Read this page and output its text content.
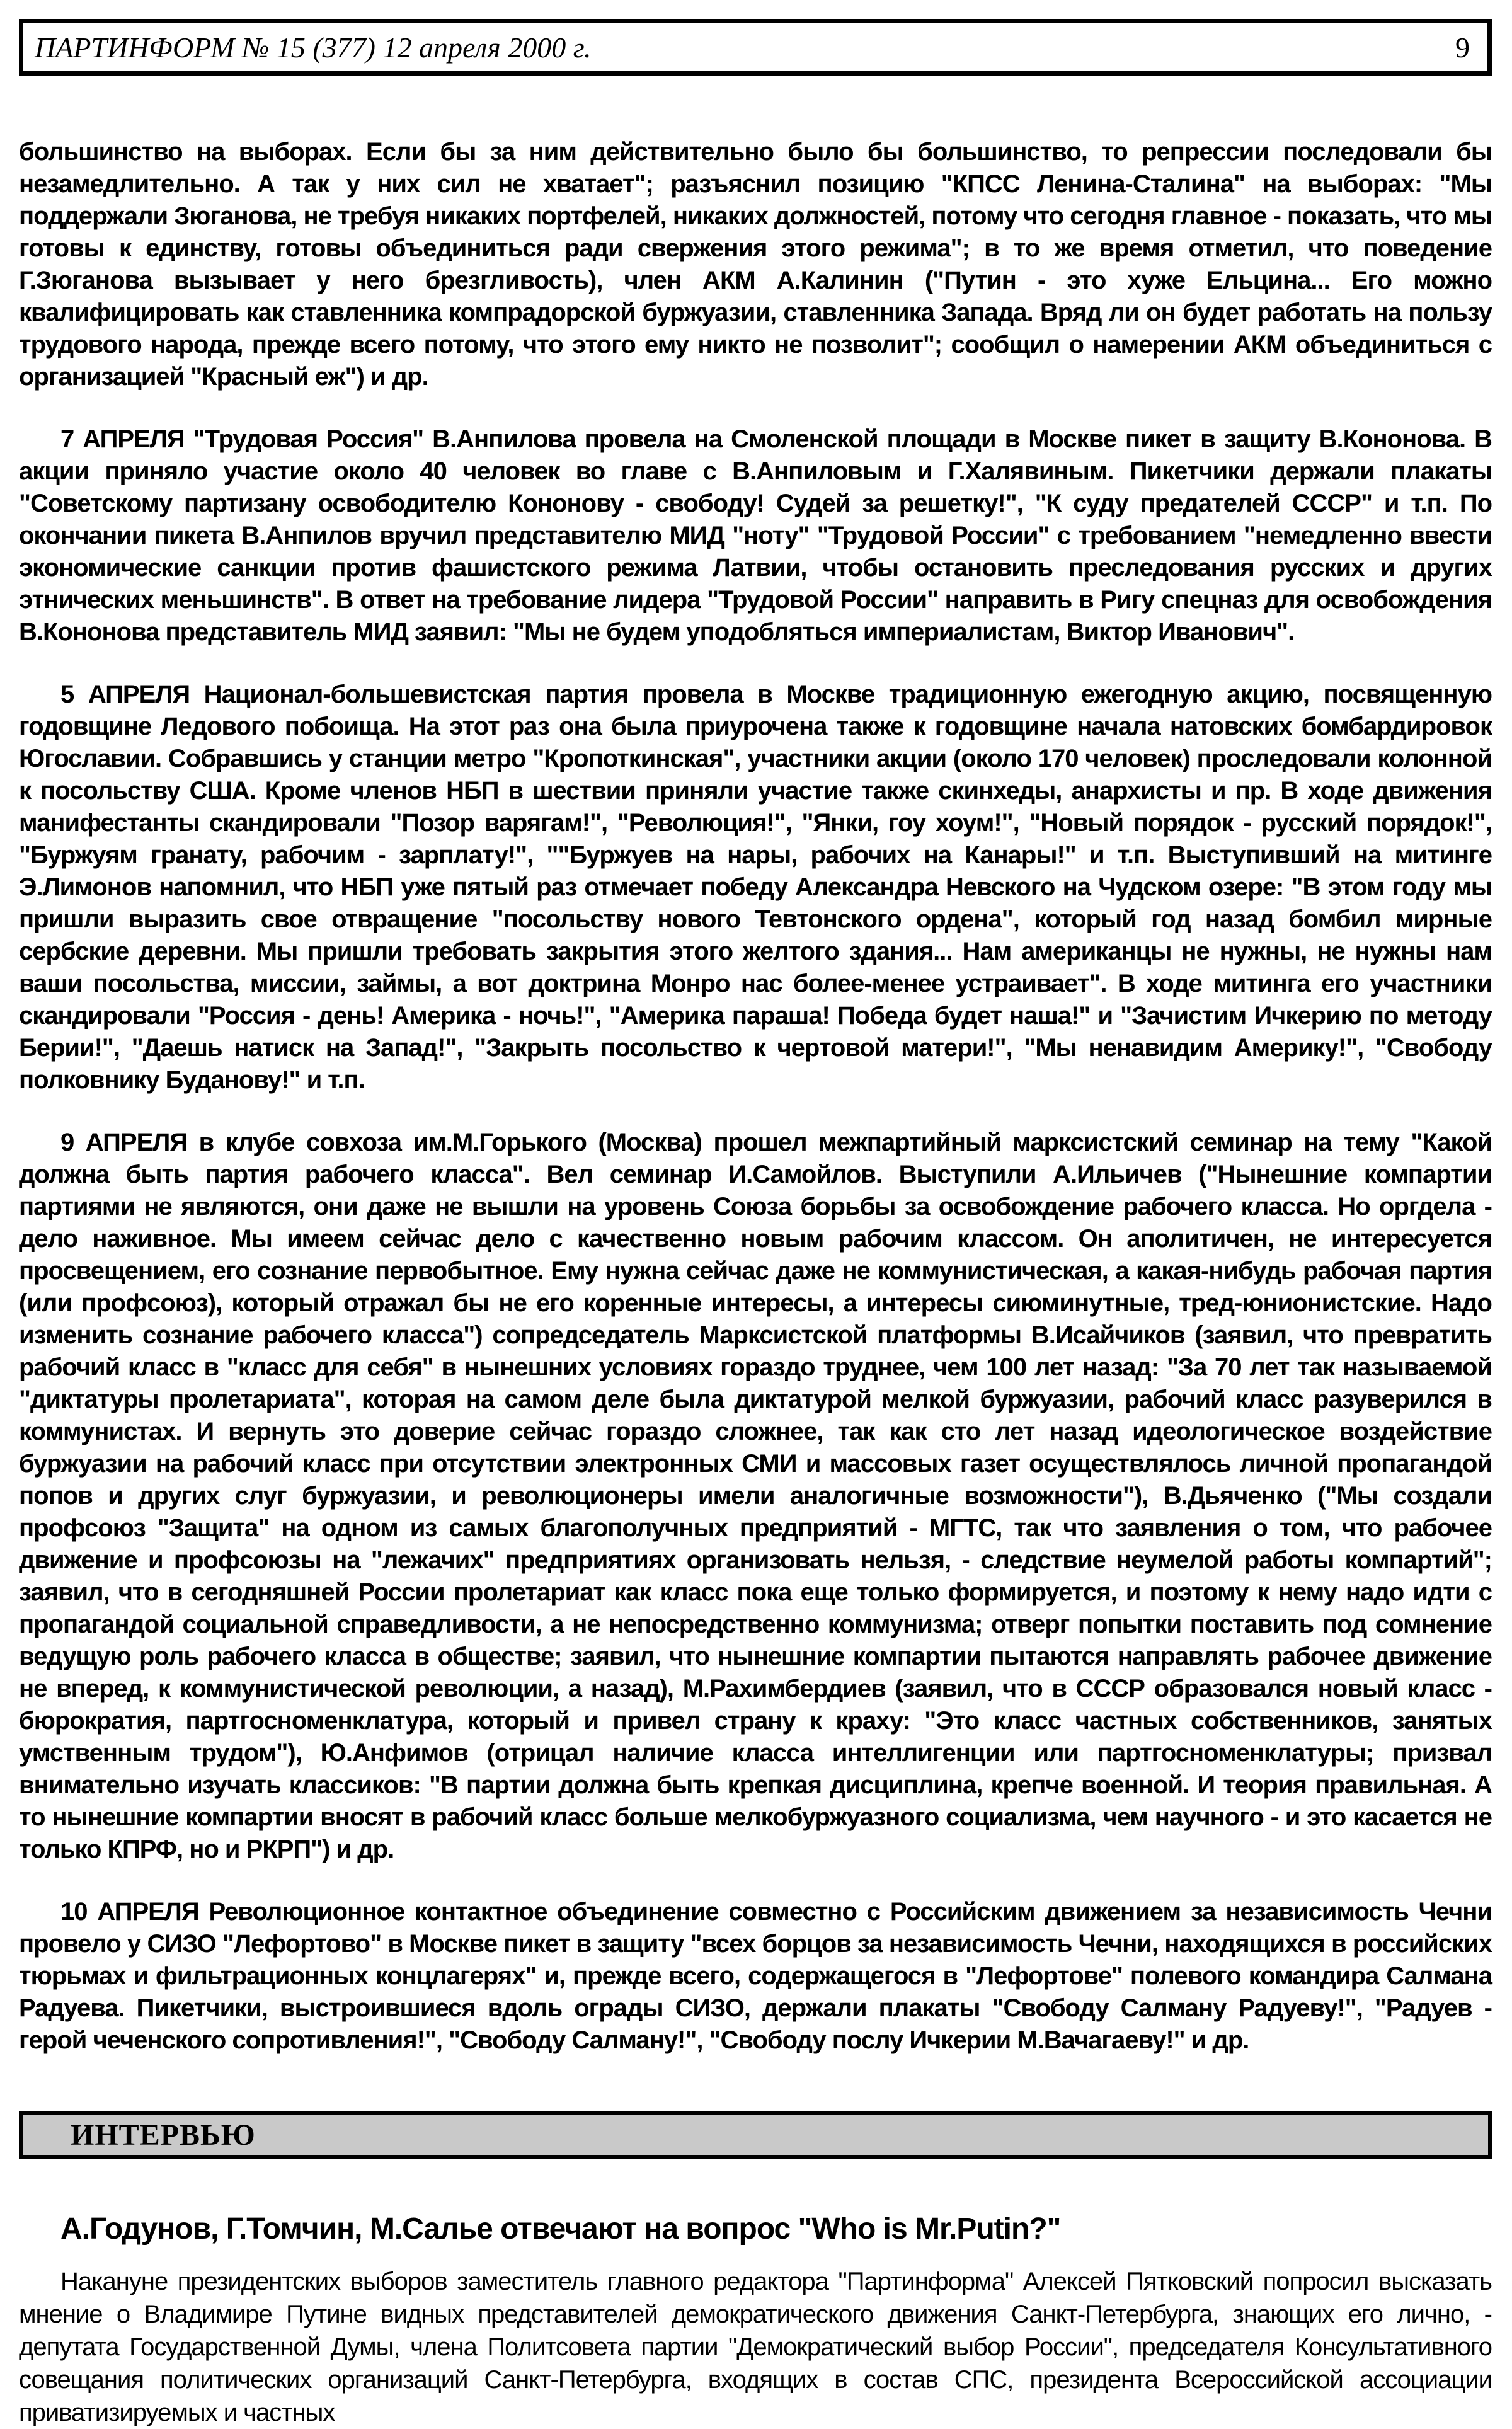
ПАРТИНФОРМ № 15 (377) 12 апреля 2000 г.	9

большинство на выборах. Если бы за ним действительно было бы большинство, то репрессии последовали бы незамедлительно. А так у них сил не хватает"; разъяснил позицию "КПСС Ленина-Сталина" на выборах: "Мы поддержали Зюганова, не требуя никаких портфелей, никаких должностей, потому что сегодня главное - показать, что мы готовы к единству, готовы объединиться ради свержения этого режима"; в то же время отметил, что поведение Г.Зюганова вызывает у него брезгливость), член АКМ А.Калинин ("Путин - это хуже Ельцина... Его можно квалифицировать как ставленника компрадорской буржуазии, ставленника Запада. Вряд ли он будет работать на пользу трудового народа, прежде всего потому, что этого ему никто не позволит"; сообщил о намерении АКМ объединиться с организацией "Красный еж") и др.

7 АПРЕЛЯ "Трудовая Россия" В.Анпилова провела на Смоленской площади в Москве пикет в защиту В.Кононова. В акции приняло участие около 40 человек во главе с В.Анпиловым и Г.Халявиным. Пикетчики держали плакаты "Советскому партизану освободителю Кононову - свободу! Судей за решетку!", "К суду предателей СССР" и т.п. По окончании пикета В.Анпилов вручил представителю МИД "ноту" "Трудовой России" с требованием "немедленно ввести экономические санкции против фашистского режима Латвии, чтобы остановить преследования русских и других этнических меньшинств". В ответ на требование лидера "Трудовой России" направить в Ригу спецназ для освобождения В.Кононова представитель МИД заявил: "Мы не будем уподобляться империалистам, Виктор Иванович".

5 АПРЕЛЯ Национал-большевистская партия провела в Москве традиционную ежегодную акцию, посвященную годовщине Ледового побоища. На этот раз она была приурочена также к годовщине начала натовских бомбардировок Югославии. Собравшись у станции метро "Кропоткинская", участники акции (около 170 человек) проследовали колонной к посольству США. Кроме членов НБП в шествии приняли участие также скинхеды, анархисты и пр. В ходе движения манифестанты скандировали "Позор варягам!", "Революция!", "Янки, гоу хоум!", "Новый порядок - русский порядок!", "Буржуям гранату, рабочим - зарплату!", ""Буржуев на нары, рабочих на Канары!" и т.п. Выступивший на митинге Э.Лимонов напомнил, что НБП уже пятый раз отмечает победу Александра Невского на Чудском озере: "В этом году мы пришли выразить свое отвращение "посольству нового Тевтонского ордена", который год назад бомбил мирные сербские деревни. Мы пришли требовать закрытия этого желтого здания... Нам американцы не нужны, не нужны нам ваши посольства, миссии, займы, а вот доктрина Монро нас более-менее устраивает". В ходе митинга его участники скандировали "Россия - день! Америка - ночь!", "Америка параша! Победа будет наша!" и "Зачистим Ичкерию по методу Берии!", "Даешь натиск на Запад!", "Закрыть посольство к чертовой матери!", "Мы ненавидим Америку!", "Свободу полковнику Буданову!" и т.п.

9 АПРЕЛЯ в клубе совхоза им.М.Горького (Москва) прошел межпартийный марксистский семинар на тему "Какой должна быть партия рабочего класса". Вел семинар И.Самойлов. Выступили А.Ильичев ("Нынешние компартии партиями не являются, они даже не вышли на уровень Союза борьбы за освобождение рабочего класса. Но оргдела - дело наживное. Мы имеем сейчас дело с качественно новым рабочим классом. Он аполитичен, не интересуется просвещением, его сознание первобытное. Ему нужна сейчас даже не коммунистическая, а какая-нибудь рабочая партия (или профсоюз), который отражал бы не его коренные интересы, а интересы сиюминутные, тред-юнионистские. Надо изменить сознание рабочего класса") сопредседатель Марксистской платформы В.Исайчиков (заявил, что превратить рабочий класс в "класс для себя" в нынешних условиях гораздо труднее, чем 100 лет назад: "За 70 лет так называемой "диктатуры пролетариата", которая на самом деле была диктатурой мелкой буржуазии, рабочий класс разуверился в коммунистах. И вернуть это доверие сейчас гораздо сложнее, так как сто лет назад идеологическое воздействие буржуазии на рабочий класс при отсутствии электронных СМИ и массовых газет осуществлялось личной пропагандой попов и других слуг буржуазии, и революционеры имели аналогичные возможности"), В.Дьяченко ("Мы создали профсоюз "Защита" на одном из самых благополучных предприятий - МГТС, так что заявления о том, что рабочее движение и профсоюзы на "лежачих" предприятиях организовать нельзя, - следствие неумелой работы компартий"; заявил, что в сегодняшней России пролетариат как класс пока еще только формируется, и поэтому к нему надо идти с пропагандой социальной справедливости, а не непосредственно коммунизма; отверг попытки поставить под сомнение ведущую роль рабочего класса в обществе; заявил, что нынешние компартии пытаются направлять рабочее движение не вперед, к коммунистической революции, а назад), М.Рахимбердиев (заявил, что в СССР образовался новый класс - бюрократия, партгосноменклатура, который и привел страну к краху: "Это класс частных собственников, занятых умственным трудом"), Ю.Анфимов (отрицал наличие класса интеллигенции или партгосноменклатуры; призвал внимательно изучать классиков: "В партии должна быть крепкая дисциплина, крепче военной. И теория правильная. А то нынешние компартии вносят в рабочий класс больше мелкобуржуазного социализма, чем научного - и это касается не только КПРФ, но и РКРП") и др.

10 АПРЕЛЯ Революционное контактное объединение совместно с Российским движением за независимость Чечни провело у СИЗО "Лефортово" в Москве пикет в защиту "всех борцов за независимость Чечни, находящихся в российских тюрьмах и фильтрационных концлагерях" и, прежде всего, содержащегося в "Лефортове" полевого командира Салмана Радуева. Пикетчики, выстроившиеся вдоль ограды СИЗО, держали плакаты "Свободу Салману Радуеву!", "Радуев - герой чеченского сопротивления!", "Свободу Салману!", "Свободу послу Ичкерии М.Вачагаеву!" и др.

ИНТЕРВЬЮ
А.Годунов, Г.Томчин, М.Салье отвечают на вопрос "Who is Mr.Putin?"

Накануне президентских выборов заместитель главного редактора "Партинформа" Алексей Пятковский попросил высказать мнение о Владимире Путине видных представителей демократического движения Санкт-Петербурга, знающих его лично, - депутата Государственной Думы, члена Политсовета партии "Демократический выбор России", председателя Консультативного совещания политических организаций Санкт-Петербурга, входящих в состав СПС, президента Всероссийской ассоциации приватизируемых и частных
